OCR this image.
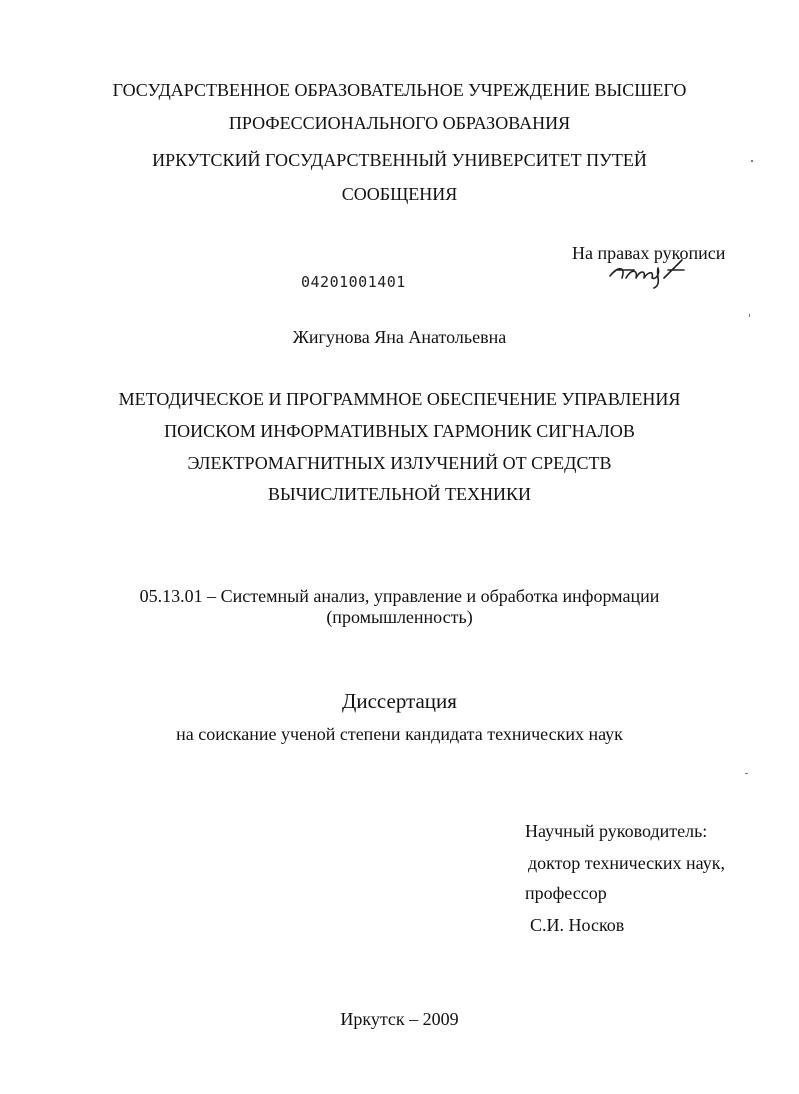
ГОСУДАРСТВЕННОЕ ОБРАЗОВАТЕЛЬНОЕ УЧРЕЖДЕНИЕ ВЫСШЕГО
ПРОФЕССИОНАЛЬНОГО ОБРАЗОВАНИЯ
ИРКУТСКИЙ ГОСУДАРСТВЕННЫЙ УНИВЕРСИТЕТ ПУТЕЙ
СООБЩЕНИЯ
На правах рукописи
04201001401
Жигунова Яна Анатольевна
МЕТОДИЧЕСКОЕ И ПРОГРАММНОЕ ОБЕСПЕЧЕНИЕ УПРАВЛЕНИЯ
ПОИСКОМ ИНФОРМАТИВНЫХ ГАРМОНИК СИГНАЛОВ
ЭЛЕКТРОМАГНИТНЫХ ИЗЛУЧЕНИЙ ОТ СРЕДСТВ
ВЫЧИСЛИТЕЛЬНОЙ ТЕХНИКИ
05.13.01 – Системный анализ, управление и обработка информации
(промышленность)
Диссертация
на соискание ученой степени кандидата технических наук
Научный руководитель:
доктор технических наук,
профессор
С.И. Носков
Иркутск – 2009
